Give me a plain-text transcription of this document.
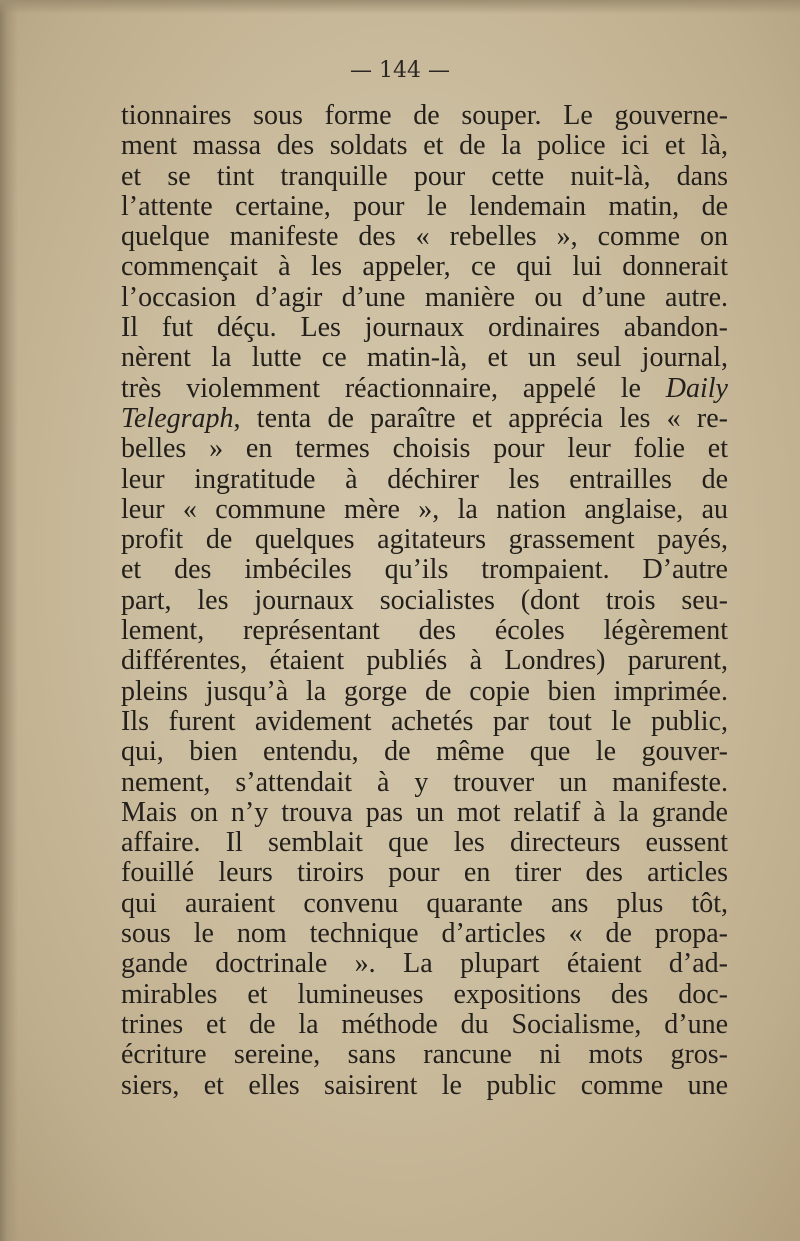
— 144 —
tionnaires sous forme de souper. Le gouverne-
ment massa des soldats et de la police ici et là,
et se tint tranquille pour cette nuit-là, dans
l’attente certaine, pour le lendemain matin, de
quelque manifeste des « rebelles », comme on
commençait à les appeler, ce qui lui donnerait
l’occasion d’agir d’une manière ou d’une autre.
Il fut déçu. Les journaux ordinaires abandon-
nèrent la lutte ce matin-là, et un seul journal,
très violemment réactionnaire, appelé le Daily
Telegraph, tenta de paraître et apprécia les « re-
belles » en termes choisis pour leur folie et
leur ingratitude à déchirer les entrailles de
leur « commune mère », la nation anglaise, au
profit de quelques agitateurs grassement payés,
et des imbéciles qu’ils trompaient. D’autre
part, les journaux socialistes (dont trois seu-
lement, représentant des écoles légèrement
différentes, étaient publiés à Londres) parurent,
pleins jusqu’à la gorge de copie bien imprimée.
Ils furent avidement achetés par tout le public,
qui, bien entendu, de même que le gouver-
nement, s’attendait à y trouver un manifeste.
Mais on n’y trouva pas un mot relatif à la grande
affaire. Il semblait que les directeurs eussent
fouillé leurs tiroirs pour en tirer des articles
qui auraient convenu quarante ans plus tôt,
sous le nom technique d’articles « de propa-
gande doctrinale ». La plupart étaient d’ad-
mirables et lumineuses expositions des doc-
trines et de la méthode du Socialisme, d’une
écriture sereine, sans rancune ni mots gros-
siers, et elles saisirent le public comme une
